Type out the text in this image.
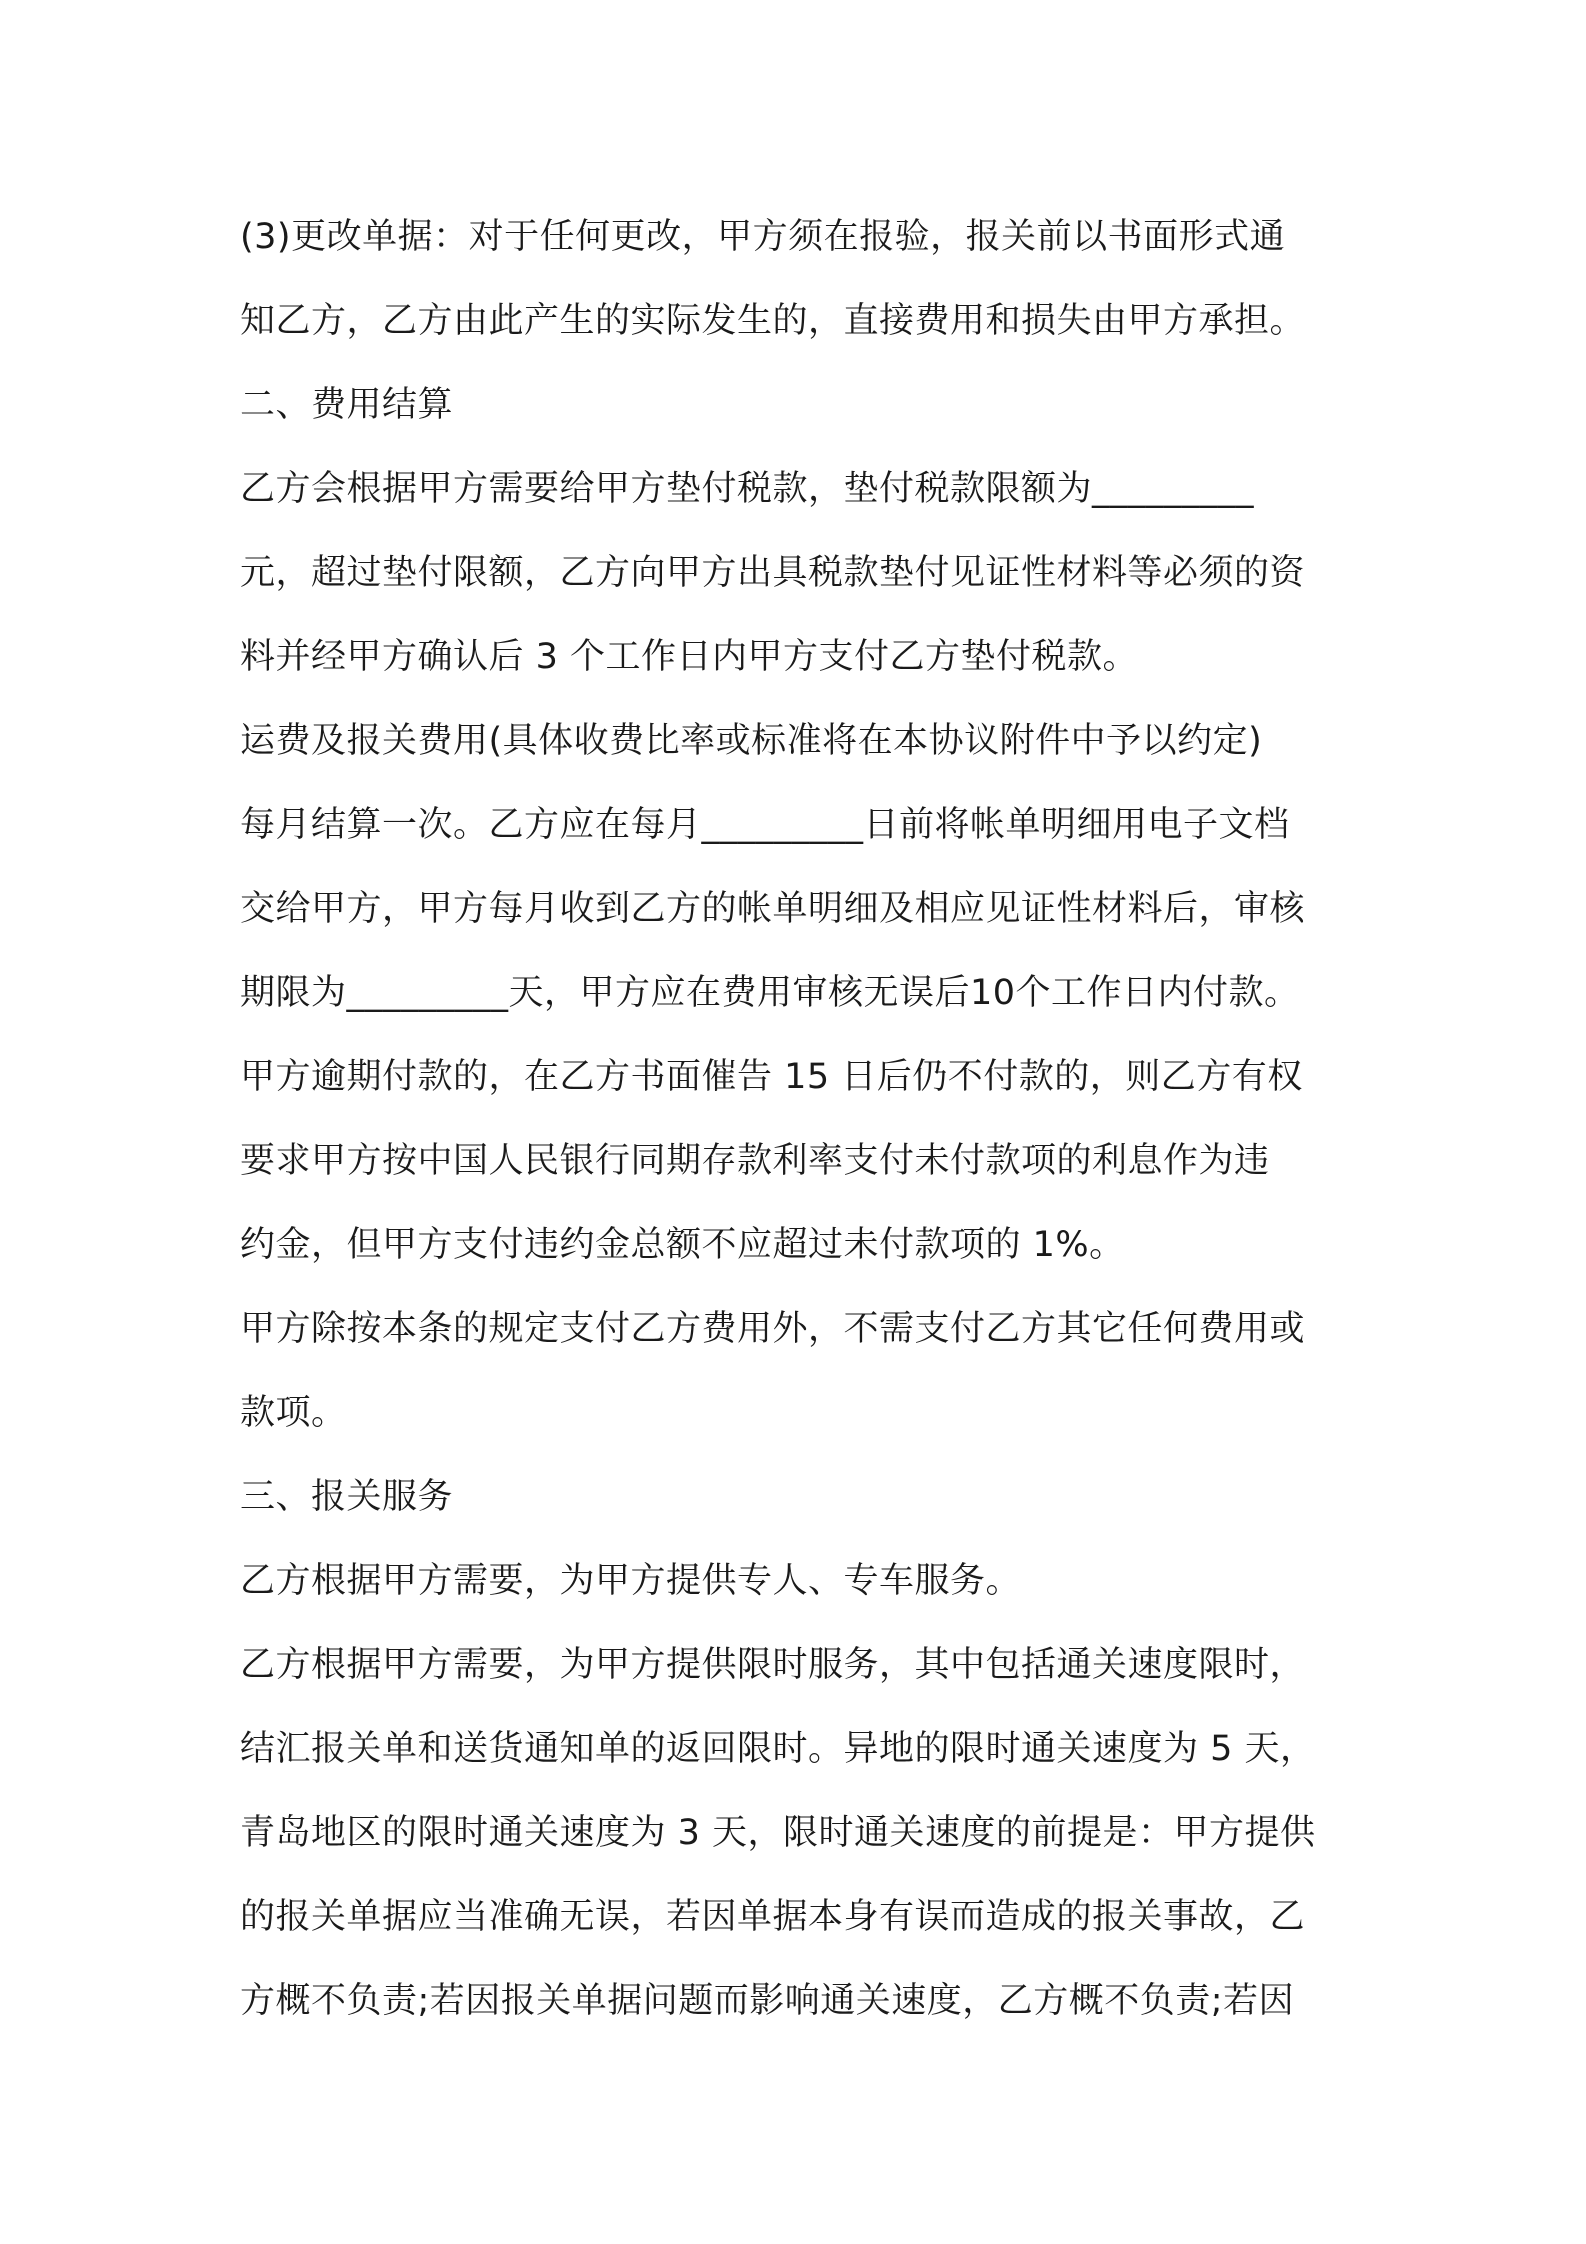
(3)更改单据：对于任何更改，甲方须在报验，报关前以书面形式通
知乙方，乙方由此产生的实际发生的，直接费用和损失由甲方承担。
二、费用结算
乙方会根据甲方需要给甲方垫付税款，垫付税款限额为_________
元，超过垫付限额，乙方向甲方出具税款垫付见证性材料等必须的资
料并经甲方确认后 3 个工作日内甲方支付乙方垫付税款。
运费及报关费用(具体收费比率或标准将在本协议附件中予以约定)
每月结算一次。乙方应在每月_________日前将帐单明细用电子文档
交给甲方，甲方每月收到乙方的帐单明细及相应见证性材料后，审核
期限为_________天，甲方应在费用审核无误后10个工作日内付款。
甲方逾期付款的，在乙方书面催告 15 日后仍不付款的，则乙方有权
要求甲方按中国人民银行同期存款利率支付未付款项的利息作为违
约金，但甲方支付违约金总额不应超过未付款项的 1%。
甲方除按本条的规定支付乙方费用外，不需支付乙方其它任何费用或
款项。
三、报关服务
乙方根据甲方需要，为甲方提供专人、专车服务。
乙方根据甲方需要，为甲方提供限时服务，其中包括通关速度限时，
结汇报关单和送货通知单的返回限时。异地的限时通关速度为 5 天，
青岛地区的限时通关速度为 3 天，限时通关速度的前提是：甲方提供
的报关单据应当准确无误，若因单据本身有误而造成的报关事故，乙
方概不负责;若因报关单据问题而影响通关速度，乙方概不负责;若因
